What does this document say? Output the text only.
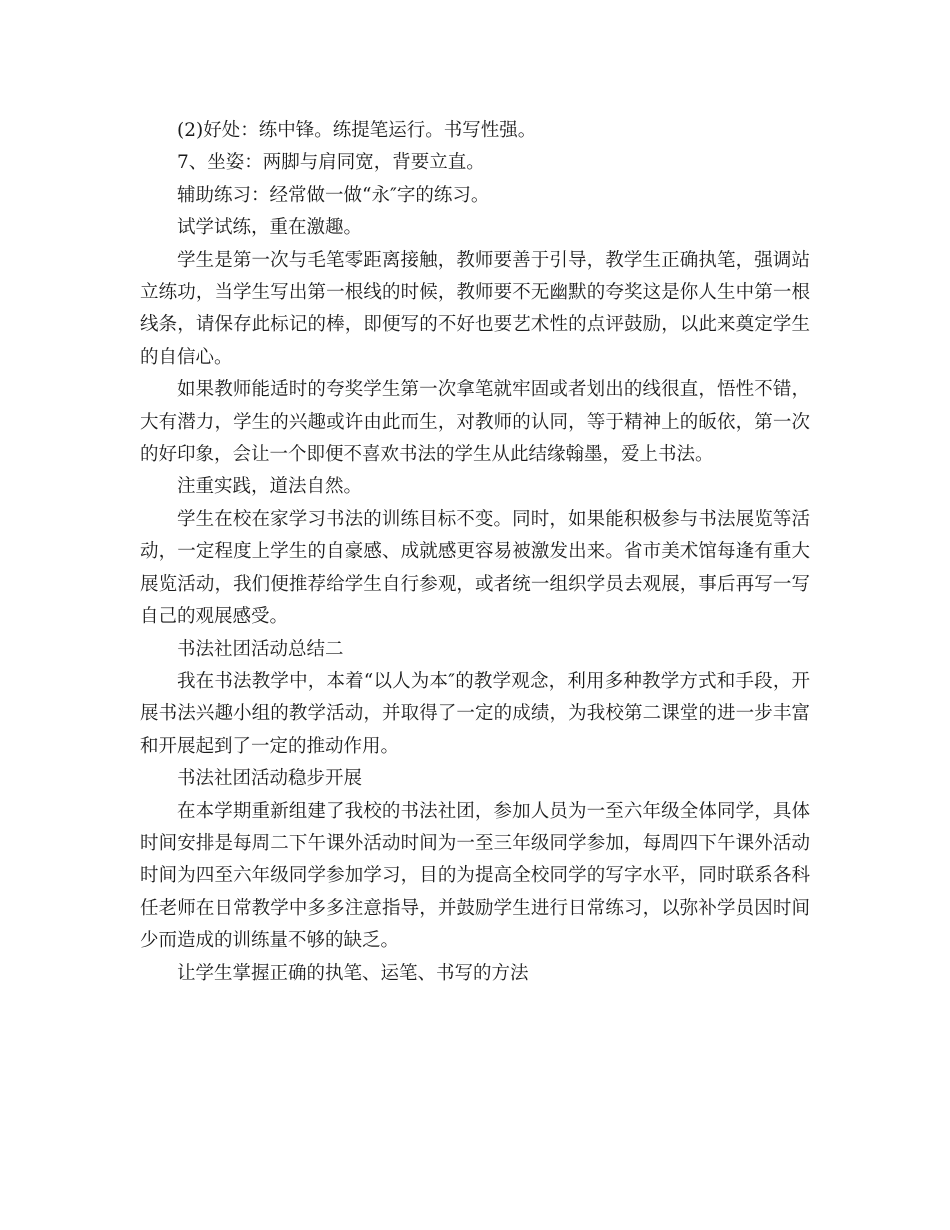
(2)好处：练中锋。练提笔运行。书写性强。

7、坐姿：两脚与肩同宽，背要立直。

辅助练习：经常做一做“永″字的练习。

试学试练，重在激趣。

学生是第一次与毛笔零距离接触，教师要善于引导，教学生正确执笔，强调站立练功，当学生写出第一根线的时候，教师要不无幽默的夸奖这是你人生中第一根线条，请保存此标记的棒，即便写的不好也要艺术性的点评鼓励，以此来奠定学生的自信心。

如果教师能适时的夸奖学生第一次拿笔就牢固或者划出的线很直，悟性不错，大有潜力，学生的兴趣或许由此而生，对教师的认同，等于精神上的皈依，第一次的好印象，会让一个即便不喜欢书法的学生从此结缘翰墨，爱上书法。

注重实践，道法自然。

学生在校在家学习书法的训练目标不变。同时，如果能积极参与书法展览等活动，一定程度上学生的自豪感、成就感更容易被激发出来。省市美术馆每逢有重大展览活动，我们便推荐给学生自行参观，或者统一组织学员去观展，事后再写一写自己的观展感受。

书法社团活动总结二

我在书法教学中，本着“以人为本″的教学观念，利用多种教学方式和手段，开展书法兴趣小组的教学活动，并取得了一定的成绩，为我校第二课堂的进一步丰富和开展起到了一定的推动作用。

书法社团活动稳步开展

在本学期重新组建了我校的书法社团，参加人员为一至六年级全体同学，具体时间安排是每周二下午课外活动时间为一至三年级同学参加，每周四下午课外活动时间为四至六年级同学参加学习，目的为提高全校同学的写字水平，同时联系各科任老师在日常教学中多多注意指导，并鼓励学生进行日常练习，以弥补学员因时间少而造成的训练量不够的缺乏。

让学生掌握正确的执笔、运笔、书写的方法
